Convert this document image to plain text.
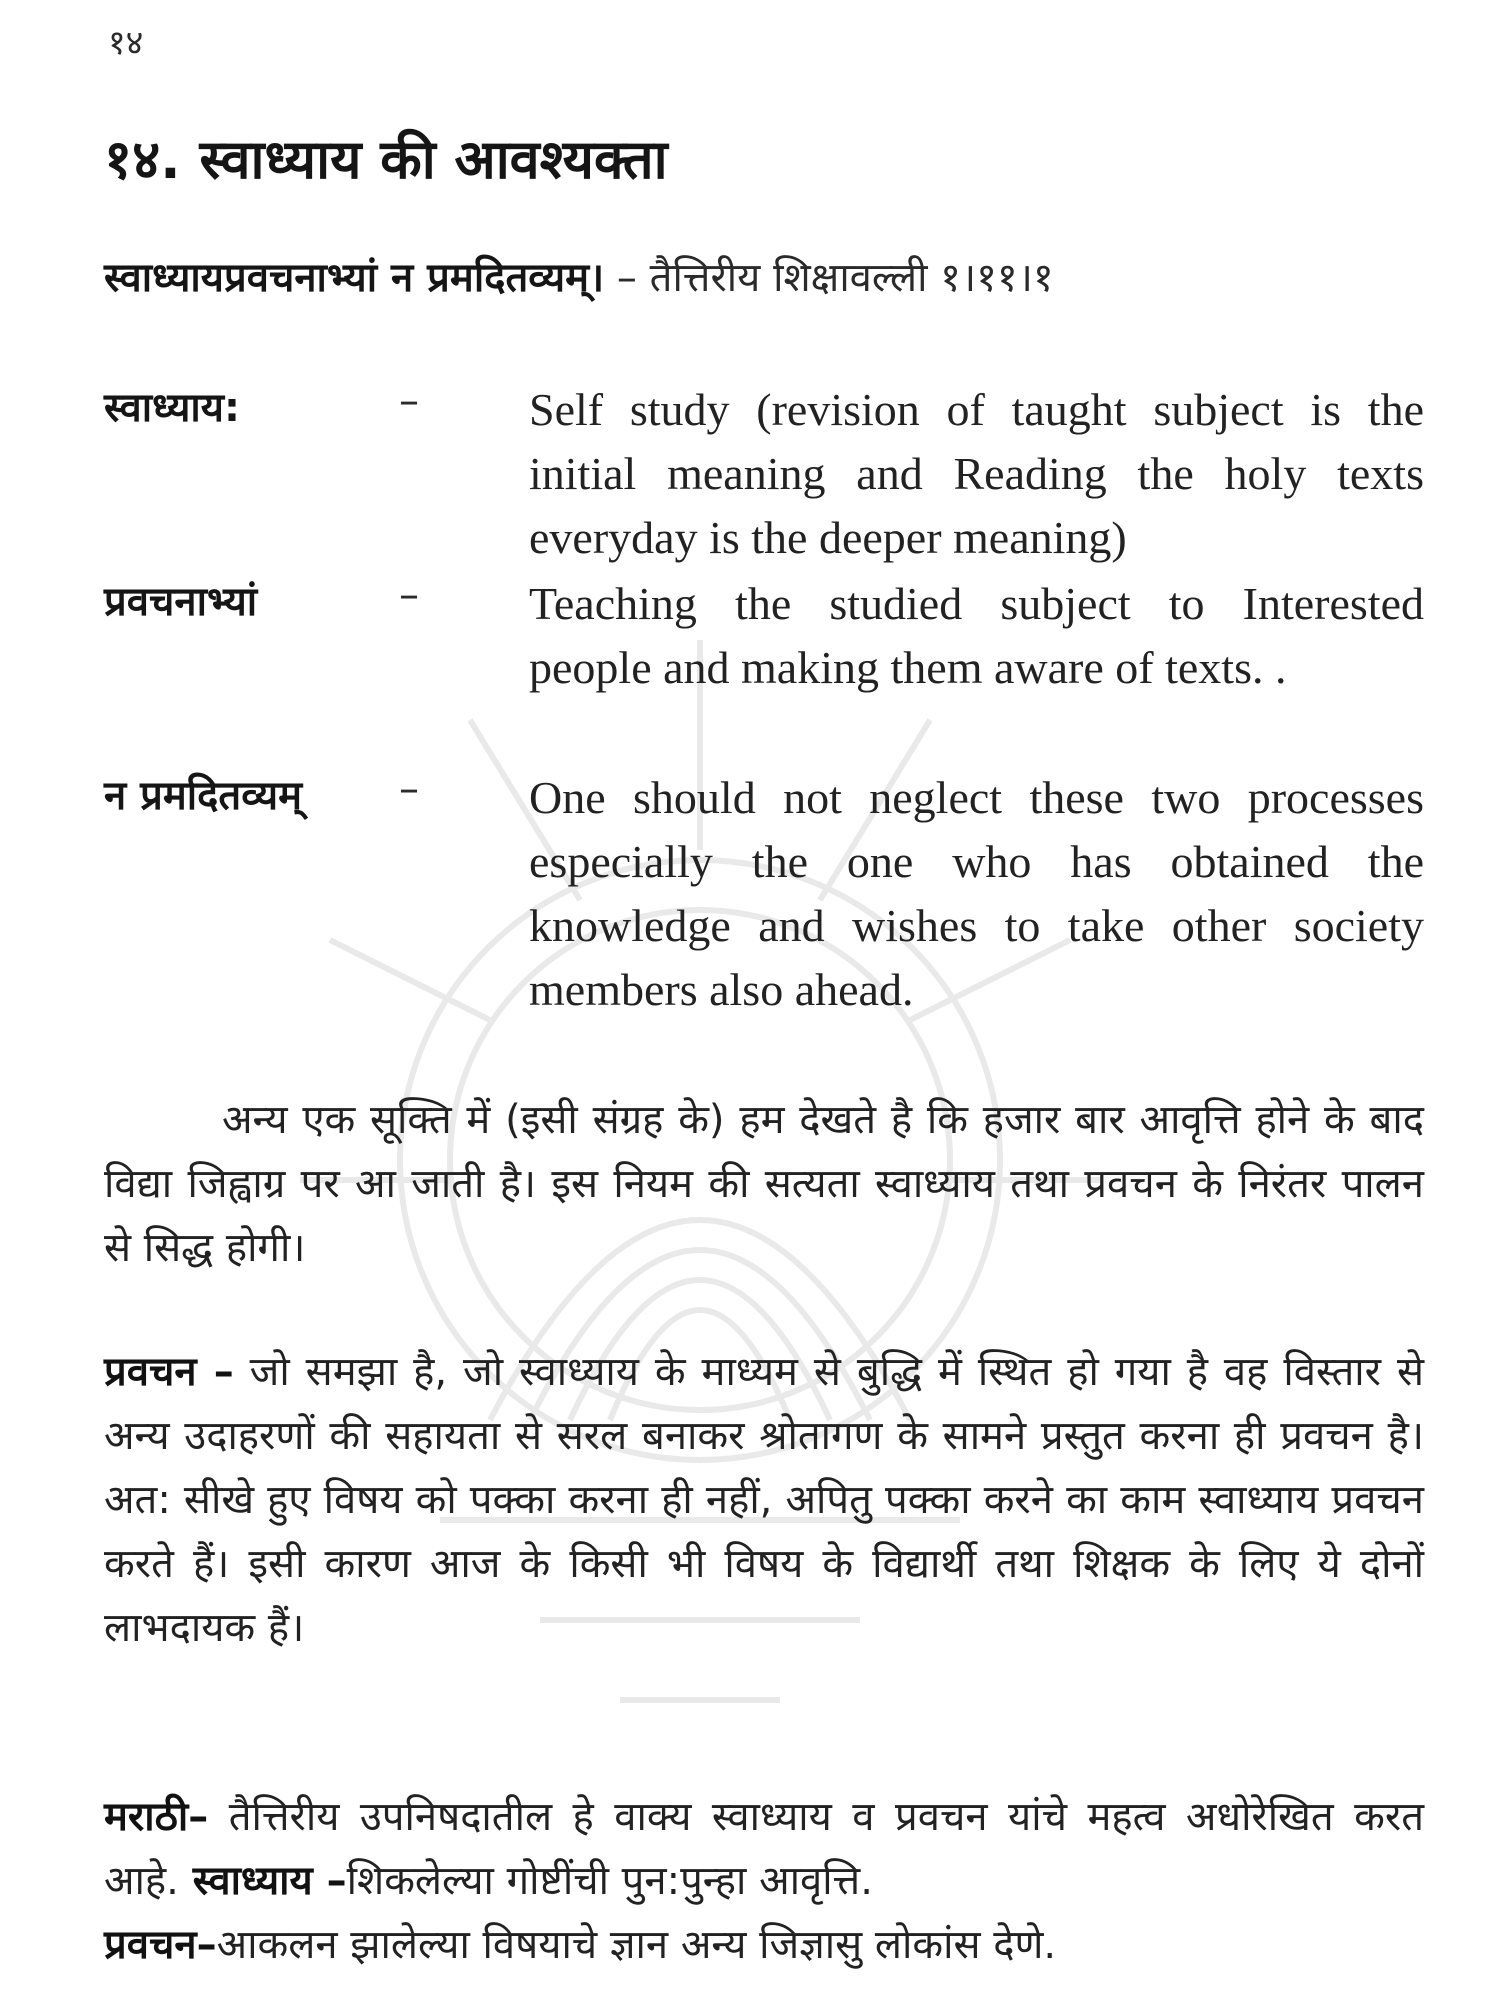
१४
१४. स्वाध्याय की आवश्यक्ता
स्वाध्यायप्रवचनाभ्यां न प्रमदितव्यम्। – तैत्तिरीय शिक्षावल्ली १।११।१
स्वाध्याय:	– Self study (revision of taught subject is the initial meaning and Reading the holy texts everyday is the deeper meaning)
प्रवचनाभ्यां	– Teaching the studied subject to Interested people and making them aware of texts. .
न प्रमदितव्यम् – One should not neglect these two processes especially the one who has obtained the knowledge and wishes to take other society members also ahead.
अन्य एक सूक्ति में (इसी संग्रह के) हम देखते है कि हजार बार आवृत्ति होने के बाद विद्या जिह्वाग्र पर आ जाती है। इस नियम की सत्यता स्वाध्याय तथा प्रवचन के निरंतर पालन से सिद्ध होगी।
प्रवचन – जो समझा है, जो स्वाध्याय के माध्यम से बुद्धि में स्थित हो गया है वह विस्तार से अन्य उदाहरणों की सहायता से सरल बनाकर श्रोतागण के सामने प्रस्तुत करना ही प्रवचन है। अत: सीखे हुए विषय को पक्का करना ही नहीं, अपितु पक्का करने का काम स्वाध्याय प्रवचन करते हैं। इसी कारण आज के किसी भी विषय के विद्यार्थी तथा शिक्षक के लिए ये दोनों लाभदायक हैं।
मराठी– तैत्तिरीय उपनिषदातील हे वाक्य स्वाध्याय व प्रवचन यांचे महत्व अधोरेखित करत आहे. स्वाध्याय –शिकलेल्या गोष्टींची पुन:पुन्हा आवृत्ति.
प्रवचन–आकलन झालेल्या विषयाचे ज्ञान अन्य जिज्ञासु लोकांस देणे.
